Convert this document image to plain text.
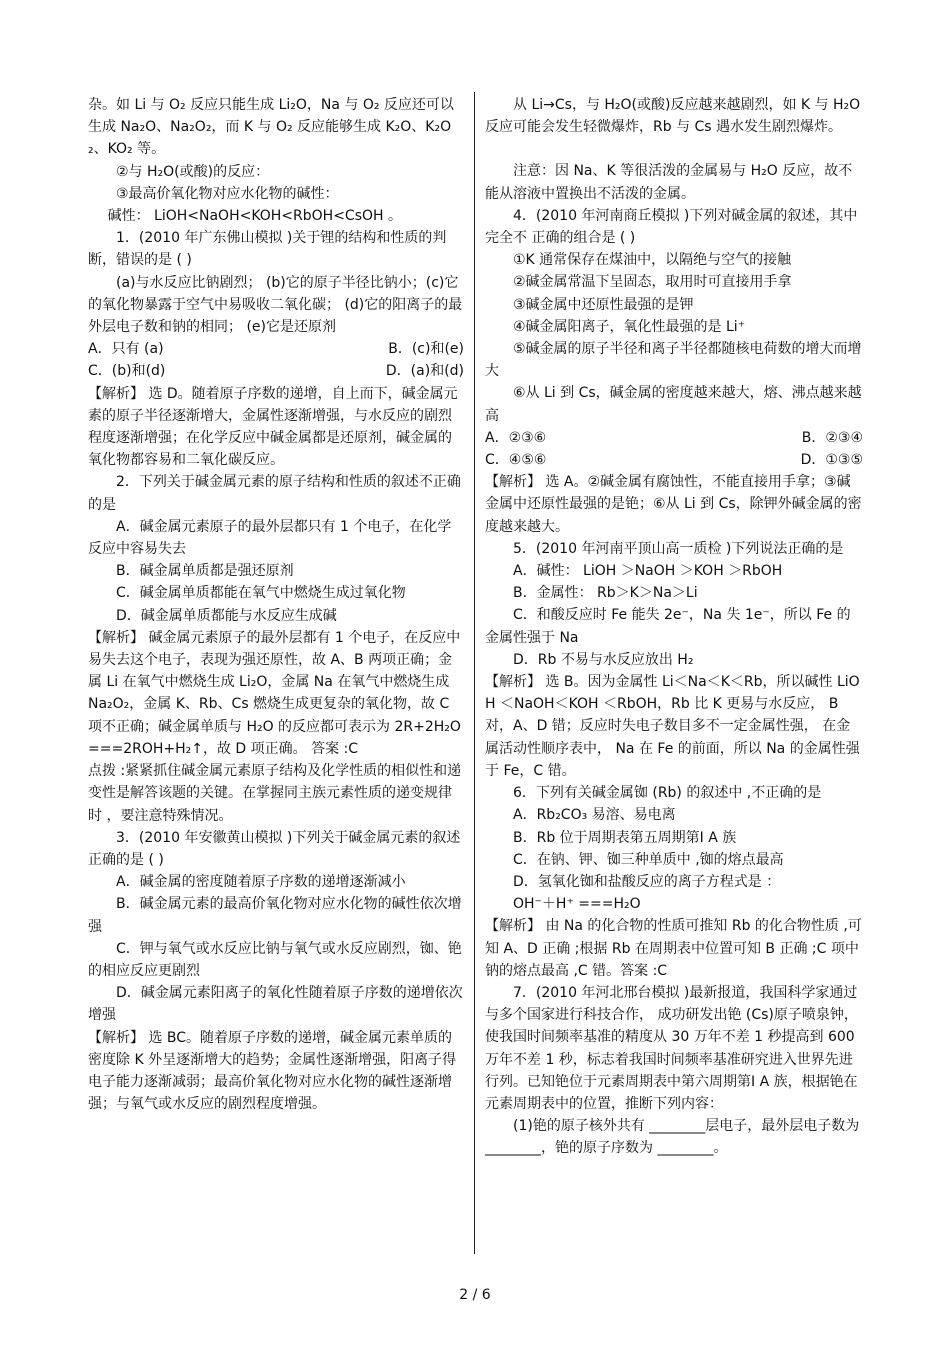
杂。如 Li 与 O₂ 反应只能生成 Li₂O，Na 与 O₂ 反应还可以生成 Na₂O、Na₂O₂，而 K 与 O₂ 反应能够生成 K₂O、K₂O₂、KO₂ 等。

②与 H₂O(或酸)的反应：

③最高价氧化物对应水化物的碱性：

碱性： LiOH<NaOH<KOH<RbOH<CsOH 。

1．(2010 年广东佛山模拟 )关于锂的结构和性质的判断，错误的是 ( )

(a)与水反应比钠剧烈； (b)它的原子半径比钠小；(c)它的氧化物暴露于空气中易吸收二氧化碳； (d)它的阳离子的最外层电子数和钠的相同； (e)它是还原剂

A．只有 (a)	B．(c)和(e)

C．(b)和(d)	D．(a)和(d)

【解析】 选 D。随着原子序数的递增，自上而下，碱金属元素的原子半径逐渐增大，金属性逐渐增强，与水反应的剧烈程度逐渐增强；在化学反应中碱金属都是还原剂，碱金属的氧化物都容易和二氧化碳反应。

2．下列关于碱金属元素的原子结构和性质的叙述不正确的是

A．碱金属元素原子的最外层都只有 1 个电子，在化学反应中容易失去

B．碱金属单质都是强还原剂

C．碱金属单质都能在氧气中燃烧生成过氧化物

D．碱金属单质都能与水反应生成碱

【解析】 碱金属元素原子的最外层都有 1 个电子，在反应中易失去这个电子，表现为强还原性，故 A、B 两项正确；金属 Li 在氧气中燃烧生成 Li₂O，金属 Na 在氧气中燃烧生成 Na₂O₂，金属 K、Rb、Cs 燃烧生成更复杂的氧化物，故 C 项不正确；碱金属单质与 H₂O 的反应都可表示为 2R+2H₂O===2ROH+H₂↑，故 D 项正确。 答案 :C

点拨 :紧紧抓住碱金属元素原子结构及化学性质的相似性和递变性是解答该题的关键。在掌握同主族元素性质的递变规律时 ，要注意特殊情况。

3．(2010 年安徽黄山模拟 )下列关于碱金属元素的叙述正确的是 ( )

A．碱金属的密度随着原子序数的递增逐渐减小

B．碱金属元素的最高价氧化物对应水化物的碱性依次增强

C．钾与氧气或水反应比钠与氧气或水反应剧烈，铷、铯的相应反应更剧烈

D．碱金属元素阳离子的氧化性随着原子序数的递增依次增强

【解析】 选 BC。随着原子序数的递增，碱金属元素单质的密度除 K 外呈逐渐增大的趋势；金属性逐渐增强，阳离子得电子能力逐渐减弱；最高价氧化物对应水化物的碱性逐渐增强；与氧气或水反应的剧烈程度增强。

从 Li→Cs，与 H₂O(或酸)反应越来越剧烈，如 K 与 H₂O 反应可能会发生轻微爆炸，Rb 与 Cs 遇水发生剧烈爆炸。

注意：因 Na、K 等很活泼的金属易与 H₂O 反应，故不能从溶液中置换出不活泼的金属。

4．(2010 年河南商丘模拟 )下列对碱金属的叙述，其中完全不 正确的组合是 ( )

①K 通常保存在煤油中，以隔绝与空气的接触

②碱金属常温下呈固态，取用时可直接用手拿

③碱金属中还原性最强的是钾

④碱金属阳离子，氧化性最强的是 Li⁺

⑤碱金属的原子半径和离子半径都随核电荷数的增大而增大

⑥从 Li 到 Cs，碱金属的密度越来越大，熔、沸点越来越高

A．②③⑥	B．②③④

C．④⑤⑥	D．①③⑤

【解析】 选 A。②碱金属有腐蚀性，不能直接用手拿；③碱金属中还原性最强的是铯；⑥从 Li 到 Cs，除钾外碱金属的密度越来越大。

5．(2010 年河南平顶山高一质检 )下列说法正确的是

A．碱性： LiOH ＞NaOH ＞KOH ＞RbOH

B．金属性： Rb＞K＞Na＞Li

C．和酸反应时 Fe 能失 2e⁻，Na 失 1e⁻，所以 Fe 的金属性强于 Na

D．Rb 不易与水反应放出 H₂

【解析】 选 B。因为金属性 Li＜Na＜K＜Rb，所以碱性 LiOH ＜NaOH＜KOH ＜RbOH，Rb 比 K 更易与水反应， B 对，A、D 错；反应时失电子数目多不一定金属性强， 在金属活动性顺序表中， Na 在 Fe 的前面，所以 Na 的金属性强于 Fe，C 错。

6．下列有关碱金属铷 (Rb) 的叙述中 ,不正确的是

A．Rb₂CO₃ 易溶、易电离

B．Rb 位于周期表第五周期第Ⅰ A 族

C．在钠、钾、铷三种单质中 ,铷的熔点最高

D．氢氧化铷和盐酸反应的离子方程式是 ：

OH⁻＋H⁺ ===H₂O

【解析】 由 Na 的化合物的性质可推知 Rb 的化合物性质 ,可知 A、D 正确 ;根据 Rb 在周期表中位置可知 B 正确 ;C 项中钠的熔点最高 ,C 错。答案 :C

7．(2010 年河北邢台模拟 )最新报道，我国科学家通过与多个国家进行科技合作， 成功研发出铯 (Cs)原子喷泉钟，使我国时间频率基准的精度从 30 万年不差 1 秒提高到 600 万年不差 1 秒，标志着我国时间频率基准研究进入世界先进行列。已知铯位于元素周期表中第六周期第Ⅰ A 族，根据铯在元素周期表中的位置，推断下列内容：

(1)铯的原子核外共有 ________层电子，最外层电子数为 ________，铯的原子序数为 ________。

2 / 6
